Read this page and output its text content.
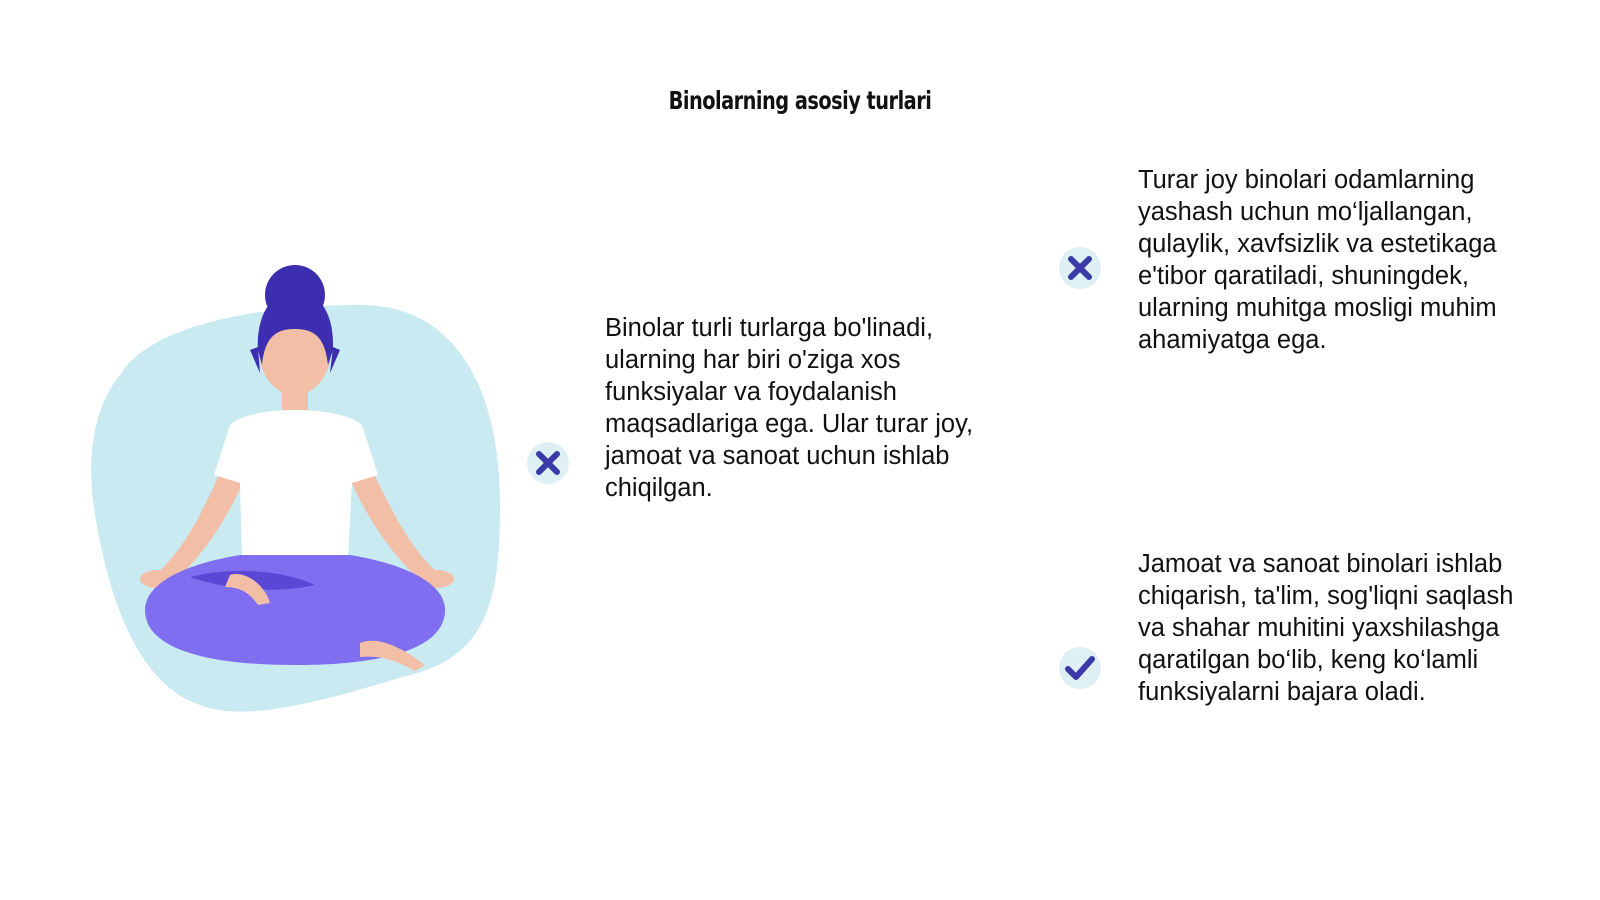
Binolarning asosiy turlari
Binolar turli turlarga bo'linadi,
ularning har biri o'ziga xos
funksiyalar va foydalanish
maqsadlariga ega. Ular turar joy,
jamoat va sanoat uchun ishlab
chiqilgan.
Turar joy binolari odamlarning
yashash uchun mo‘ljallangan,
qulaylik, xavfsizlik va estetikaga
e'tibor qaratiladi, shuningdek,
ularning muhitga mosligi muhim
ahamiyatga ega.
Jamoat va sanoat binolari ishlab
chiqarish, ta'lim, sog'liqni saqlash
va shahar muhitini yaxshilashga
qaratilgan bo‘lib, keng ko‘lamli
funksiyalarni bajara oladi.
